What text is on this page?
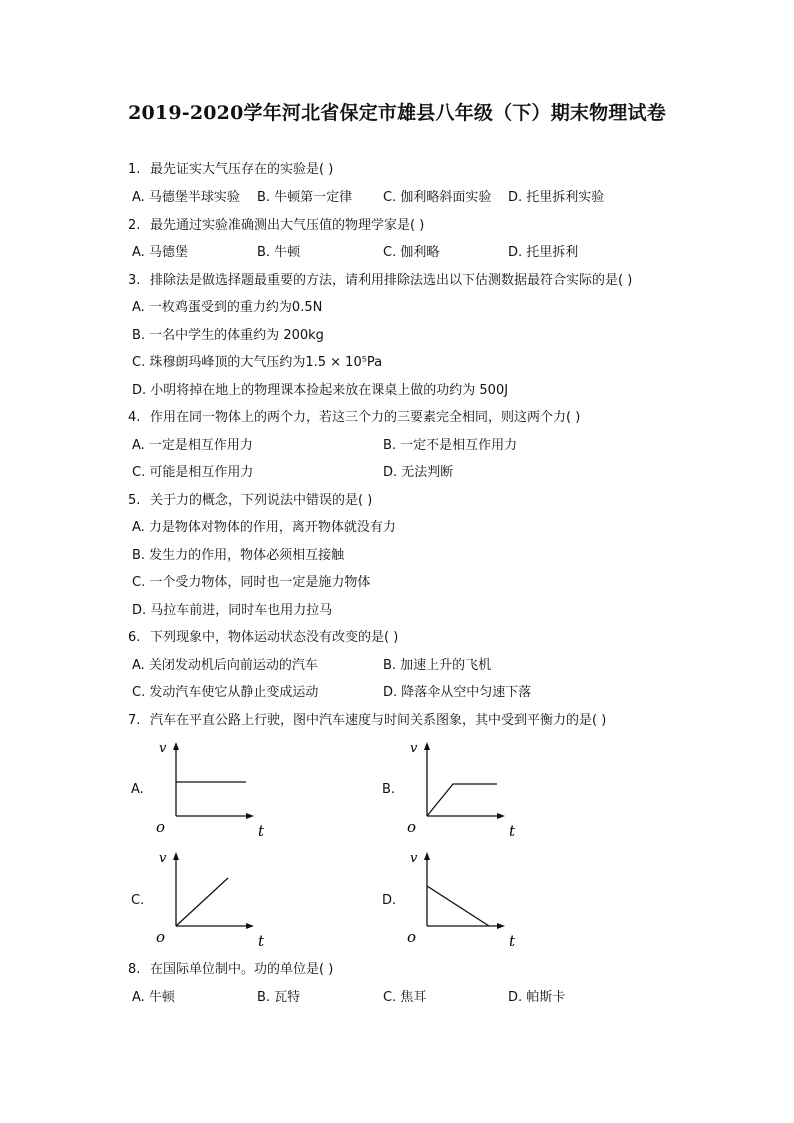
2019-2020学年河北省保定市雄县八年级（下）期末物理试卷
1. 最先证实大气压存在的实验是( )
A. 马德堡半球实验 B. 牛顿第一定律 C. 伽利略斜面实验 D. 托里拆利实验
2. 最先通过实验准确测出大气压值的物理学家是( )
A. 马德堡	B. 牛顿	C. 伽利略	D. 托里拆利
3. 排除法是做选择题最重要的方法，请利用排除法选出以下估测数据最符合实际的是( )
A. 一枚鸡蛋受到的重力约为0.5N
B. 一名中学生的体重约为 200kg
C. 珠穆朗玛峰顶的大气压约为1.5 × 10⁵Pa
D. 小明将掉在地上的物理课本捡起来放在课桌上做的功约为 500J
4. 作用在同一物体上的两个力，若这三个力的三要素完全相同，则这两个力( )
A. 一定是相互作用力	B. 一定不是相互作用力
C. 可能是相互作用力	D. 无法判断
5. 关于力的概念，下列说法中错误的是( )
A. 力是物体对物体的作用，离开物体就没有力
B. 发生力的作用，物体必须相互接触
C. 一个受力物体，同时也一定是施力物体
D. 马拉车前进，同时车也用力拉马
6. 下列现象中，物体运动状态没有改变的是( )
A. 关闭发动机后向前运动的汽车	B. 加速上升的飞机
C. 发动汽车使它从静止变成运动	D. 降落伞从空中匀速下落
7. 汽车在平直公路上行驶，图中汽车速度与时间关系图象，其中受到平衡力的是( )
A.	B.
C.	D.
v
t
o
v
t
o
v
t
o
v
t
o
8. 在国际单位制中。功的单位是( )
A. 牛顿	B. 瓦特	C. 焦耳	D. 帕斯卡
